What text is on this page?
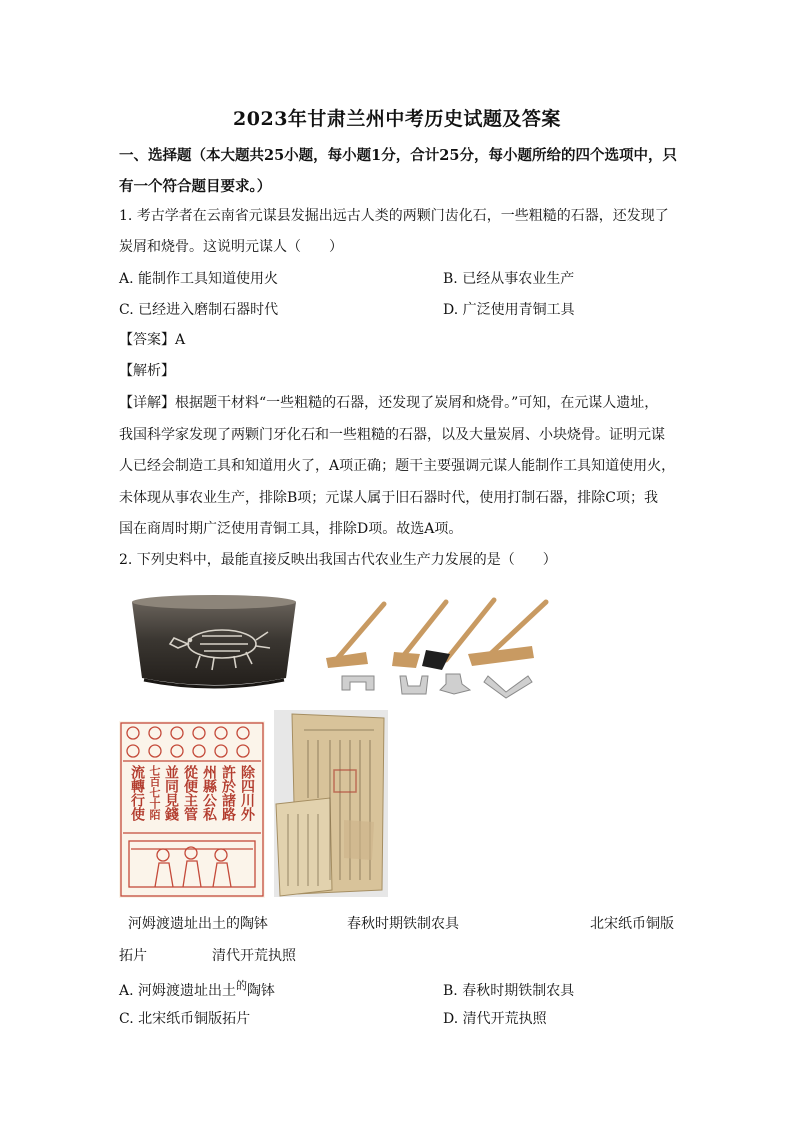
2023年甘肃兰州中考历史试题及答案
一、选择题（本大题共25小题，每小题1分，合计25分，每小题所给的四个选项中，只
有一个符合题目要求。）
1. 考古学者在云南省元谋县发掘出远古人类的两颗门齿化石，一些粗糙的石器，还发现了
炭屑和烧骨。这说明元谋人（　　）
A. 能制作工具知道使用火	B. 已经从事农业生产
C. 已经进入磨制石器时代	D. 广泛使用青铜工具
【答案】A
【解析】
【详解】根据题干材料“一些粗糙的石器，还发现了炭屑和烧骨。”可知，在元谋人遗址，
我国科学家发现了两颗门牙化石和一些粗糙的石器，以及大量炭屑、小块烧骨。证明元谋
人已经会制造工具和知道用火了，A项正确；题干主要强调元谋人能制作工具知道使用火，
未体现从事农业生产，排除B项；元谋人属于旧石器时代，使用打制石器，排除C项；我
国在商周时期广泛使用青铜工具，排除D项。故选A项。
2. 下列史料中，最能直接反映出我国古代农业生产力发展的是（　　）
除四川外
許於諸路
州縣公私
從便主管
並同見錢
七百七十陌
流轉行使
河姆渡遗址出土的陶钵	春秋时期铁制农具	北宋纸币铜版
拓片	清代开荒执照
A. 河姆渡遗址出土$^的$陶钵	B. 春秋时期铁制农具
C. 北宋纸币铜版拓片	D. 清代开荒执照
